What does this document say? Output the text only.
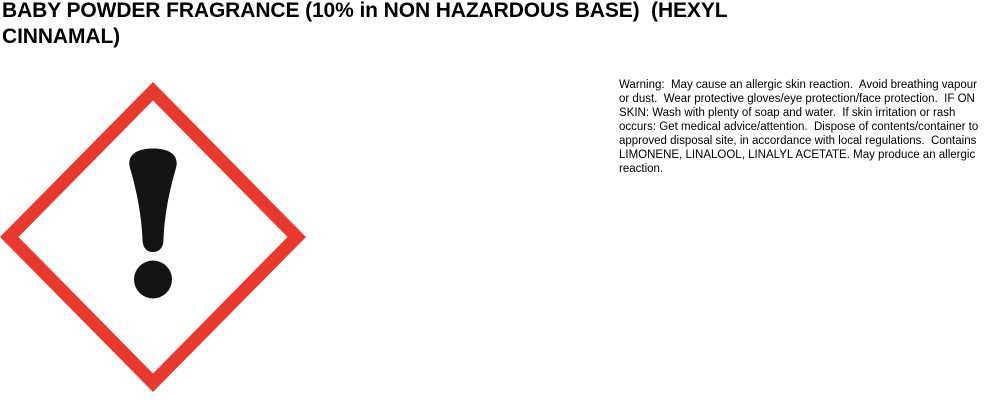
BABY POWDER FRAGRANCE (10% in NON HAZARDOUS BASE)  (HEXYL
CINNAMAL)
Warning:  May cause an allergic skin reaction.  Avoid breathing vapour
or dust.  Wear protective gloves/eye protection/face protection.  IF ON
SKIN: Wash with plenty of soap and water.  If skin irritation or rash
occurs: Get medical advice/attention.  Dispose of contents/container to
approved disposal site, in accordance with local regulations.  Contains
LIMONENE, LINALOOL, LINALYL ACETATE. May produce an allergic
reaction.
